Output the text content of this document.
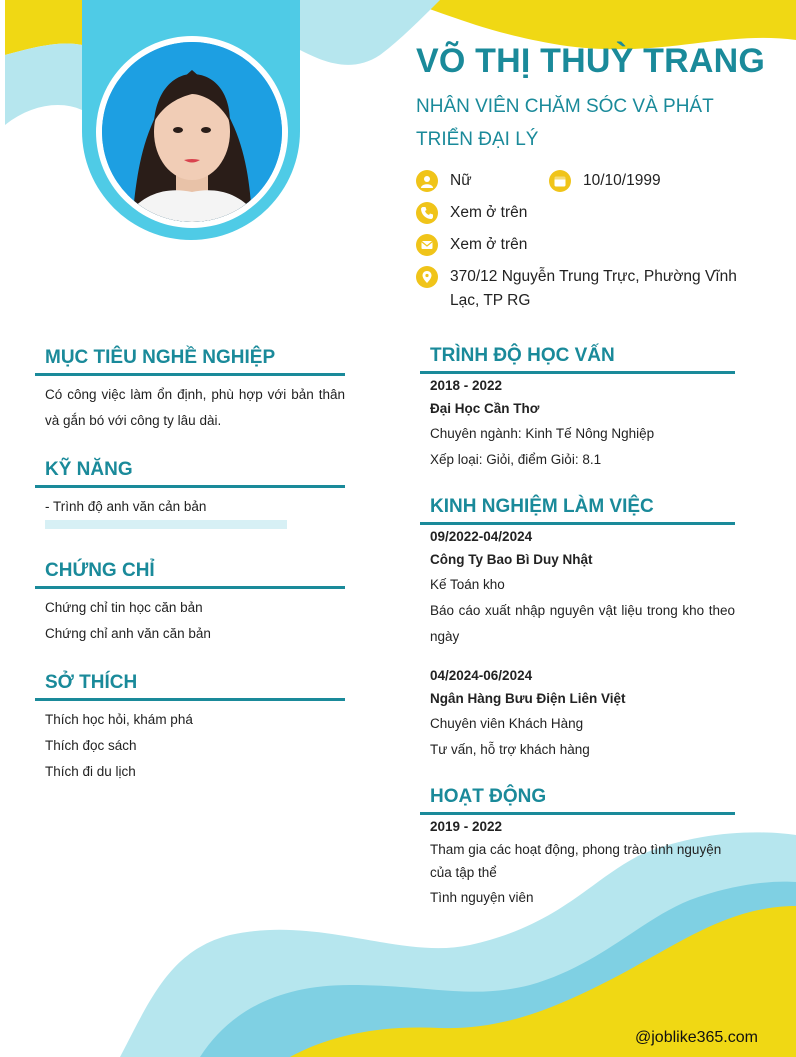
VÕ THỊ THUỲ TRANG
NHÂN VIÊN CHĂM SÓC VÀ PHÁT TRIỂN ĐẠI LÝ
Nữ	10/10/1999
Xem ở trên
Xem ở trên
370/12 Nguyễn Trung Trực, Phường Vĩnh Lạc, TP RG
MỤC TIÊU NGHỀ NGHIỆP
Có công việc làm ổn định, phù hợp với bản thân và gắn bó với công ty lâu dài.
KỸ NĂNG
- Trình độ anh văn cản bản
CHỨNG CHỈ
Chứng chỉ tin học căn bản
Chứng chỉ anh văn căn bản
SỞ THÍCH
Thích học hỏi, khám phá
Thích đọc sách
Thích đi du lịch
TRÌNH ĐỘ HỌC VẤN
2018 - 2022
Đại Học Cần Thơ
Chuyên ngành: Kinh Tế Nông Nghiệp
Xếp loại: Giỏi, điểm Giỏi: 8.1
KINH NGHIỆM LÀM VIỆC
09/2022-04/2024
Công Ty Bao Bì Duy Nhật
Kế Toán kho
Báo cáo xuất nhập nguyên vật liệu trong kho theo ngày
04/2024-06/2024
Ngân Hàng Bưu Điện Liên Việt
Chuyên viên Khách Hàng
Tư vấn, hỗ trợ khách hàng
HOẠT ĐỘNG
2019 - 2022
Tham gia các hoạt động, phong trào tình nguyện của tập thể
Tình nguyện viên
@joblike365.com
